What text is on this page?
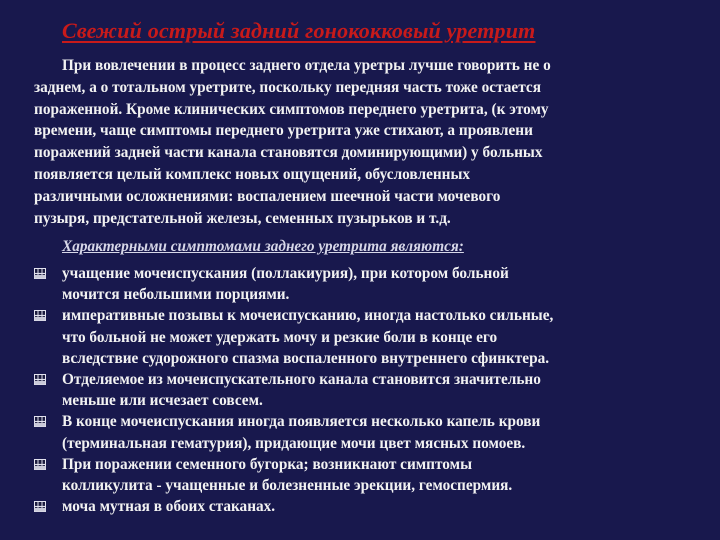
Свежий острый задний гонококковый уретрит
При вовлечении в процесс заднего отдела уретры лучше говорить не о
заднем, а о тотальном уретрите, поскольку передняя часть тоже остается
пораженной. Кроме клинических симптомов переднего уретрита, (к этому
времени, чаще симптомы переднего уретрита уже стихают, а проявлени
поражений задней части канала становятся доминирующими) у больных
появляется целый комплекс новых ощущений, обусловленных
различными осложнениями: воспалением шеечной части мочевого
пузыря, предстательной железы, семенных пузырьков и т.д.
Характерными симптомами заднего уретрита являются:
учащение мочеиспускания (поллакиурия), при котором больной
мочится небольшими порциями.
императивные позывы к мочеиспусканию, иногда настолько сильные,
что больной не может удержать мочу и резкие боли в конце его
вследствие судорожного спазма воспаленного внутреннего сфинктера.
Отделяемое из мочеиспускательного канала становится значительно
меньше или исчезает совсем.
В конце мочеиспускания иногда появляется несколько капель крови
(терминальная гематурия), придающие мочи цвет мясных помоев.
При поражении семенного бугорка; возникнают симптомы
колликулита - учащенные и болезненные эрекции, гемоспермия.
моча мутная в обоих стаканах.
